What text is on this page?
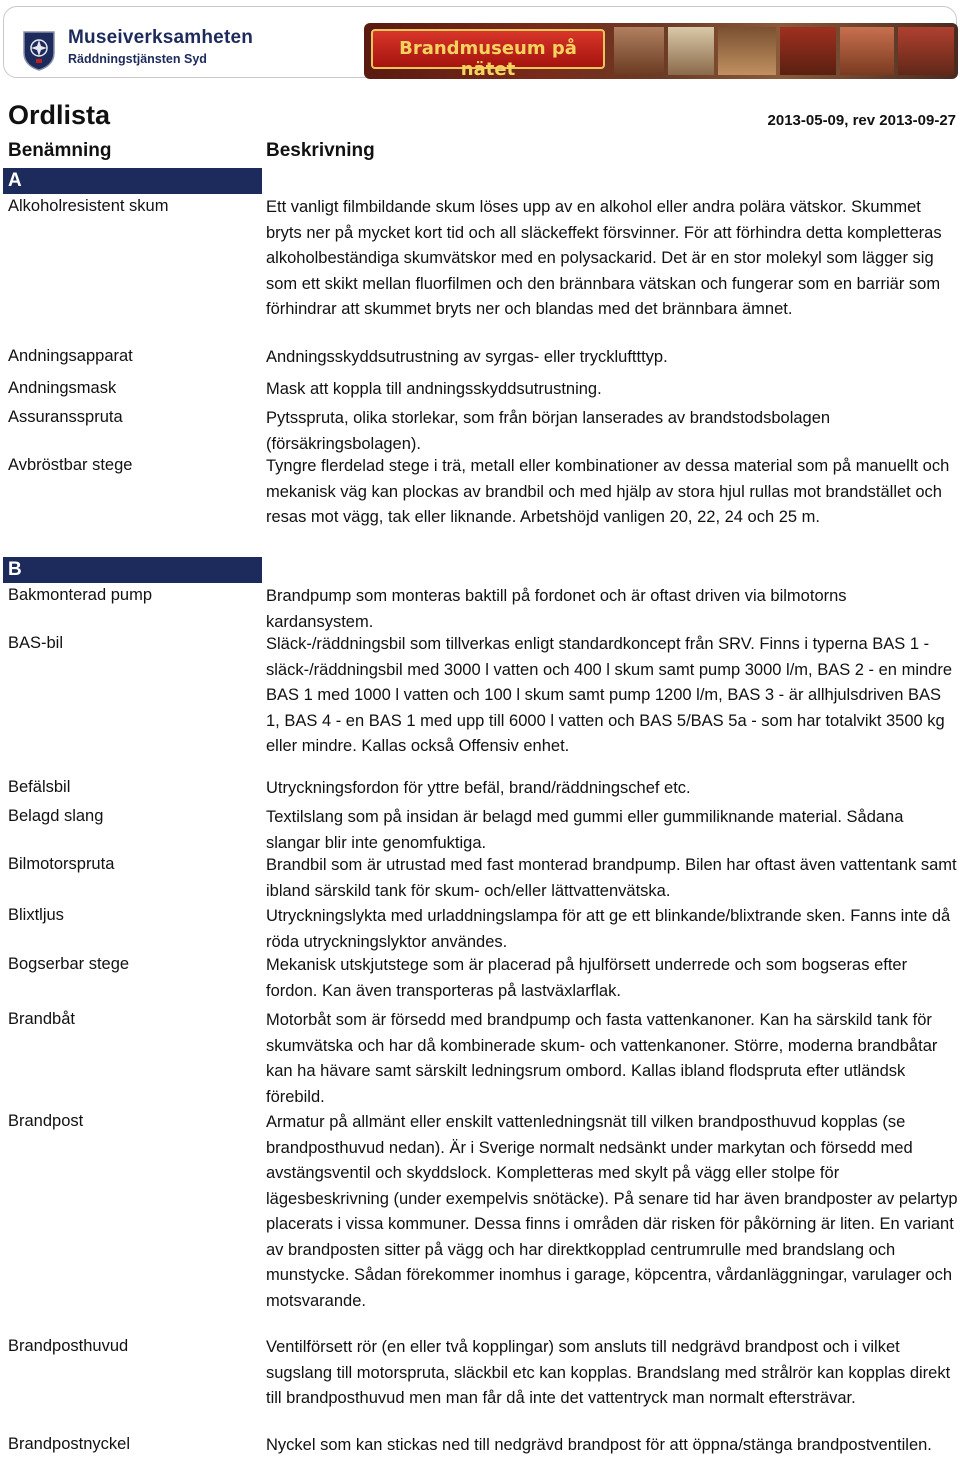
Museiverksamheten
Räddningstjänsten Syd	Brandmuseum på nätet
Ordlista	2013-05-09, rev 2013-09-27
Benämning	Beskrivning
A
Alkoholresistent skum	Ett vanligt filmbildande skum löses upp av en alkohol eller andra polära vätskor. Skummet bryts ner på mycket kort tid och all släckeffekt försvinner. För att förhindra detta kompletteras alkoholbeständiga skumvätskor med en polysackarid. Det är en stor molekyl som lägger sig som ett skikt mellan fluorfilmen och den brännbara vätskan och fungerar som en barriär som förhindrar att skummet bryts ner och blandas med det brännbara ämnet.

Andningsapparat	Andningsskyddsutrustning av syrgas- eller tryckluftttyp.

Andningsmask	Mask att koppla till andningsskyddsutrustning.

Assuransspruta	Pytsspruta, olika storlekar, som från början lanserades av brandstodsbolagen (försäkringsbolagen).

Avbröstbar stege	Tyngre flerdelad stege i trä, metall eller kombinationer av dessa material som på manuellt och mekanisk väg kan plockas av brandbil och med hjälp av stora hjul rullas mot brandstället och resas mot vägg, tak eller liknande. Arbetshöjd vanligen 20, 22, 24 och 25 m.

B
Bakmonterad pump	Brandpump som monteras baktill på fordonet och är oftast driven via bilmotorns kardansystem.

BAS-bil	Släck-/räddningsbil som tillverkas enligt standardkoncept från SRV. Finns i typerna BAS 1 - släck-/räddningsbil med 3000 l vatten och 400 l skum samt pump 3000 l/m, BAS 2 - en mindre BAS 1 med 1000 l vatten och 100 l skum samt pump 1200 l/m, BAS 3 - är allhjulsdriven BAS 1, BAS 4 - en BAS 1 med upp till 6000 l vatten och BAS 5/BAS 5a - som har totalvikt 3500 kg eller mindre. Kallas också Offensiv enhet.

Befälsbil	Utryckningsfordon för yttre befäl, brand/räddningschef etc.

Belagd slang	Textilslang som på insidan är belagd med gummi eller gummiliknande material. Sådana slangar blir inte genomfuktiga.

Bilmotorspruta	Brandbil som är utrustad med fast monterad brandpump. Bilen har oftast även vattentank samt ibland särskild tank för skum- och/eller lättvattenvätska.

Blixtljus	Utryckningslykta med urladdningslampa för att ge ett blinkande/blixtrande sken. Fanns inte då röda utryckningslyktor användes.

Bogserbar stege	Mekanisk utskjutstege som är placerad på hjulförsett underrede och som bogseras efter fordon. Kan även transporteras på lastväxlarflak.

Brandbåt	Motorbåt som är försedd med brandpump och fasta vattenkanoner. Kan ha särskild tank för skumvätska och har då kombinerade skum- och vattenkanoner. Större, moderna brandbåtar kan ha hävare samt särskilt ledningsrum ombord. Kallas ibland flodspruta efter utländsk förebild.

Brandpost	Armatur på allmänt eller enskilt vattenledningsnät till vilken brandposthuvud kopplas (se brandposthuvud nedan). Är i Sverige normalt nedsänkt under markytan och försedd med avstängsventil och skyddslock. Kompletteras med skylt på vägg eller stolpe för lägesbeskrivning (under exempelvis snötäcke). På senare tid har även brandposter av pelartyp placerats i vissa kommuner. Dessa finns i områden där risken för påkörning är liten. En variant av brandposten sitter på vägg och har direktkopplad centrumrulle med brandslang och munstycke. Sådan förekommer inomhus i garage, köpcentra, vårdanläggningar, varulager och motsvarande.

Brandposthuvud	Ventilförsett rör (en eller två kopplingar) som ansluts till nedgrävd brandpost och i vilket sugslang till motorspruta, släckbil etc kan kopplas. Brandslang med strålrör kan kopplas direkt till brandposthuvud men man får då inte det vattentryck man normalt eftersträvar.

Brandpostnyckel	Nyckel som kan stickas ned till nedgrävd brandpost för att öppna/stänga brandpostventilen.
